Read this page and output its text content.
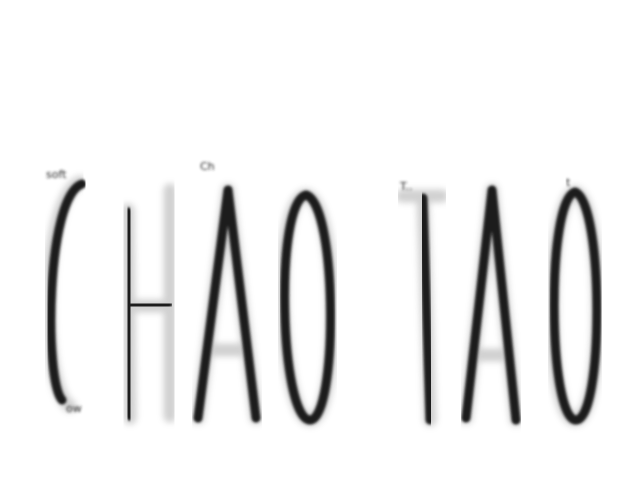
soft
ow
Ch
T..	t
